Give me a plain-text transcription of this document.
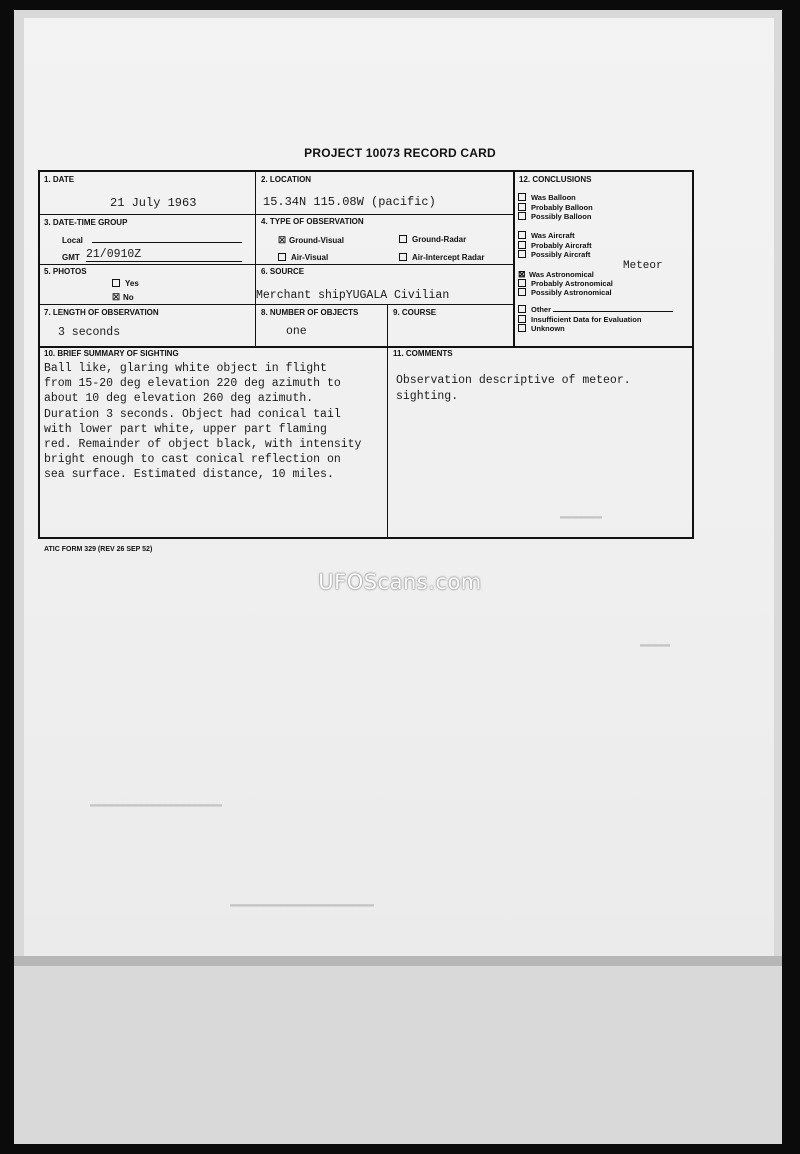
▬▬▬▬▬▬▬
▬▬▬▬▬
▬▬▬▬▬▬▬▬▬▬▬▬▬▬▬▬▬▬▬▬▬▬
▬▬▬▬▬▬▬▬▬▬▬▬▬▬▬▬▬▬▬▬▬▬▬▬
PROJECT 10073 RECORD CARD
1. DATE
21 July 1963
2. LOCATION
15.34N 115.08W (pacific)
3. DATE-TIME GROUP
Local
GMT 21/0910Z
4. TYPE OF OBSERVATION
☒ Ground-Visual	Ground-Radar
Air-Visual	Air-Intercept Radar
5. PHOTOS
Yes
☒ No
6. SOURCE
Merchant shipYUGALA Civilian
7. LENGTH OF OBSERVATION
3 seconds
8. NUMBER OF OBJECTS
one
9. COURSE
12. CONCLUSIONS
Was Balloon
Probably Balloon
Possibly Balloon
Was Aircraft
Probably Aircraft
Possibly Aircraft
⊠ Was Astronomical
Probably Astronomical
Possibly Astronomical
Other
Insufficient Data for Evaluation
Unknown
Meteor
10. BRIEF SUMMARY OF SIGHTING
Ball like, glaring white object in flight
from 15-20 deg elevation 220 deg azimuth to
about 10 deg elevation 260 deg azimuth.
Duration 3 seconds. Object had conical tail
with lower part white, upper part flaming
red. Remainder of object black, with intensity
bright enough to cast conical reflection on
sea surface. Estimated distance, 10 miles.
11. COMMENTS
Observation descriptive of meteor.
sighting.
ATIC FORM 329 (REV 26 SEP 52)
UFOScans.com
